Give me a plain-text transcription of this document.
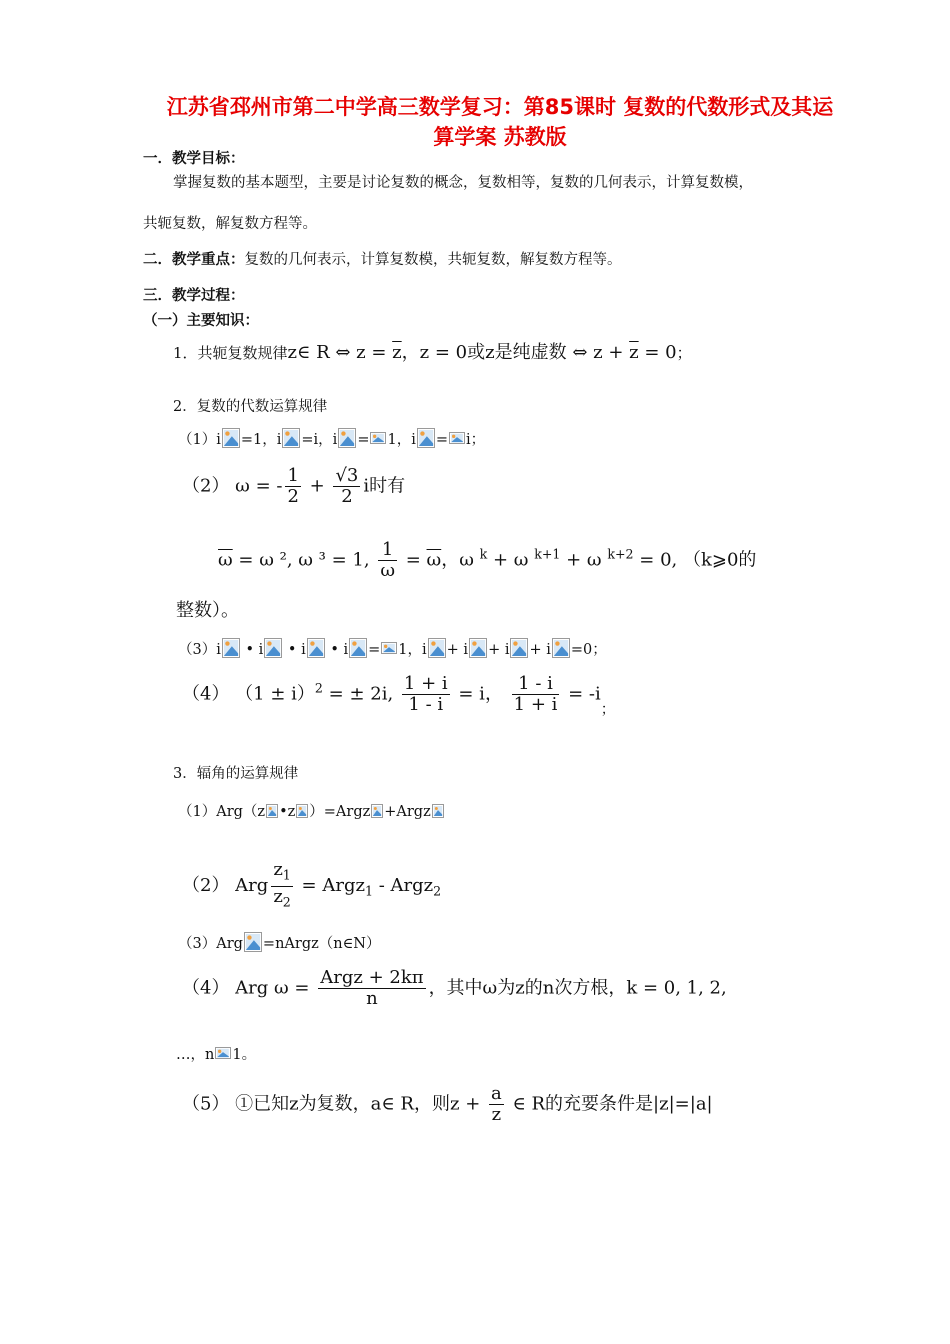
江苏省邳州市第二中学高三数学复习：第85课时 复数的代数形式及其运
算学案 苏教版
一．教学目标：
掌握复数的基本题型，主要是讨论复数的概念，复数相等，复数的几何表示，计算复数模，
共轭复数，解复数方程等。
二．教学重点：复数的几何表示，计算复数模，共轭复数，解复数方程等。
三．教学过程：
（一）主要知识：
1．共轭复数规律z∈ R ⇔ $z = \overline{z}$，z = 0或z是纯虚数 ⇔ $z + \overline{z} = 0$；
2．复数的代数运算规律
（1）i =1，i =i，i = 1，i = i；
（2） ω = - $\frac{1}{2} + \frac{√3}{2}$ i时有
$\overline{\omega} = \omega$ ², ω ³ = 1, $\frac{1}{\omega} = \overline{\omega}$，ω $^k$ + ω $^{k+1}$ + ω $^{k+2}$ = 0, （k⩾0的
整数）。
（3）i
• i
• i
• i = 1，i + i + i + i =0；
（4） $(1 \pm i)^2$ = ± 2i, $\frac{1 + i}{1 - i} = i$， $\frac{1 - i}{1 + i} = -i_;$
3．辐角的运算规律
（1）Arg（z •z ）=Argz +Argz
（2） Arg $\frac{z_1}{z_2}$ = Argz$_1$ - Argz$_2$
（3）Arg =nArgz（n∈N）
（4） Arg $\omega = \frac{\text{Argz + 2kπ}}{n}$ ，其中ω为z的n次方根，k = 0, 1, 2,
…，n 1。
（5） ①已知z为复数，a∈ R，则$z + \frac{a}{z}$ ∈ R的充要条件是|z|=|a|
